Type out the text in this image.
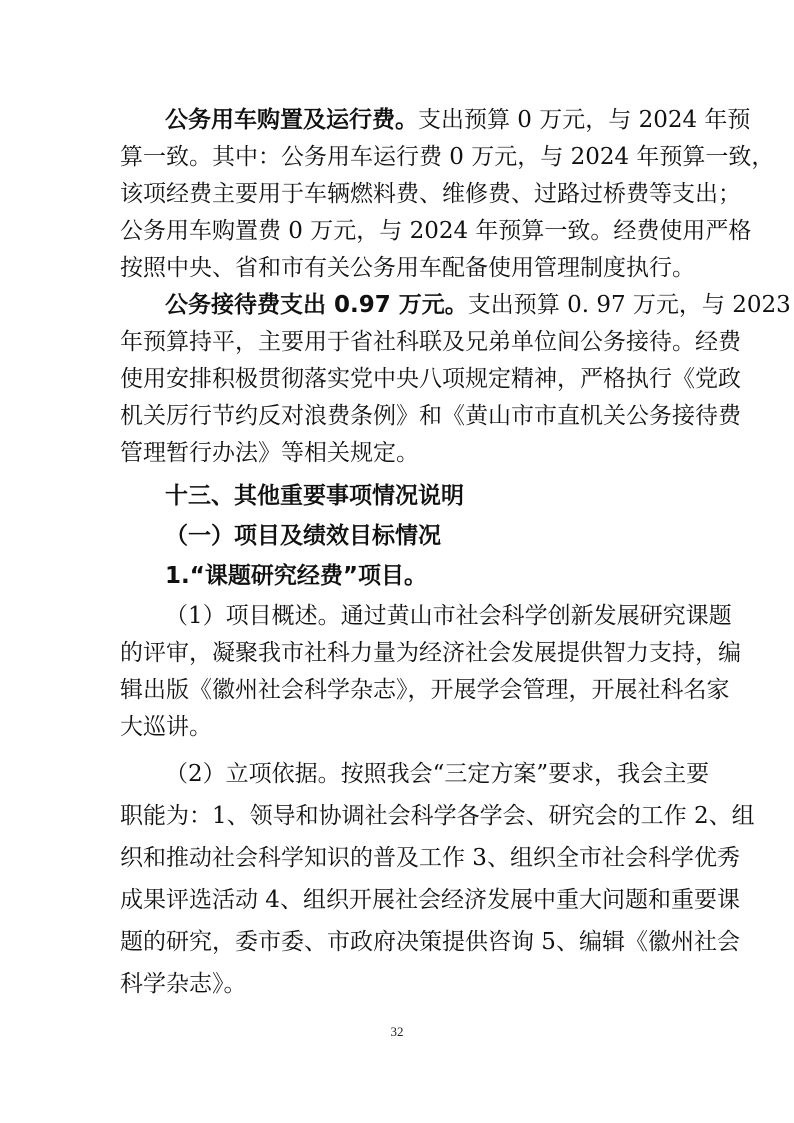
公务用车购置及运行费。支出预算 0 万元，与 2024 年预
算一致。其中：公务用车运行费 0 万元，与 2024 年预算一致，
该项经费主要用于车辆燃料费、维修费、过路过桥费等支出；
公务用车购置费 0 万元，与 2024 年预算一致。经费使用严格
按照中央、省和市有关公务用车配备使用管理制度执行。
公务接待费支出 0.97 万元。支出预算 0. 97 万元，与 2023
年预算持平，主要用于省社科联及兄弟单位间公务接待。经费
使用安排积极贯彻落实党中央八项规定精神，严格执行《党政
机关厉行节约反对浪费条例》和《黄山市市直机关公务接待费
管理暂行办法》等相关规定。
十三、其他重要事项情况说明
（一）项目及绩效目标情况
1.“课题研究经费”项目。
（1）项目概述。通过黄山市社会科学创新发展研究课题
的评审，凝聚我市社科力量为经济社会发展提供智力支持，编
辑出版《徽州社会科学杂志》，开展学会管理，开展社科名家
大巡讲。
（2）立项依据。按照我会“三定方案”要求，我会主要
职能为：1、领导和协调社会科学各学会、研究会的工作 2、组
织和推动社会科学知识的普及工作 3、组织全市社会科学优秀
成果评选活动 4、组织开展社会经济发展中重大问题和重要课
题的研究，委市委、市政府决策提供咨询 5、编辑《徽州社会
科学杂志》。
32
